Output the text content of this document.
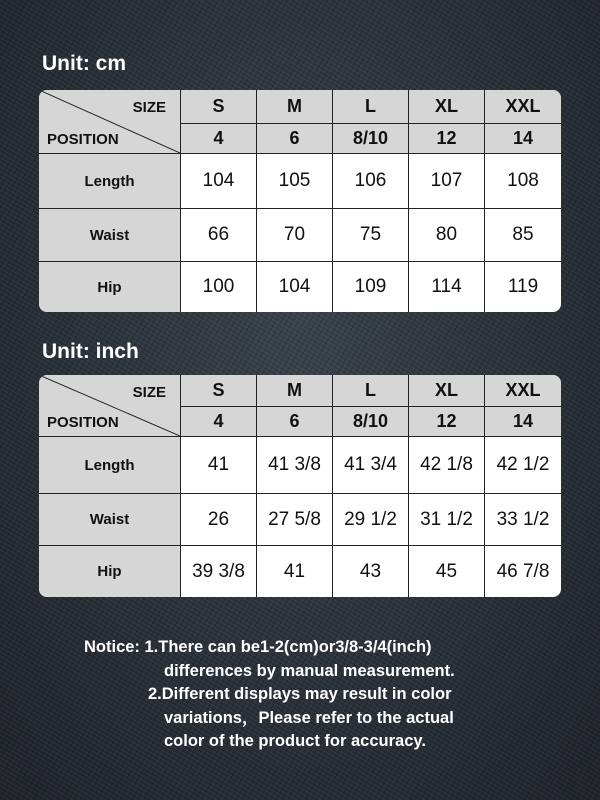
Unit: cm
SIZE
POSITION	S	M	L	XL	XXL
	4	6	8/10	12	14
Length	104	105	106	107	108
Waist	66	70	75	80	85
Hip	100	104	109	114	119
Unit: inch
SIZE
POSITION	S	M	L	XL	XXL
	4	6	8/10	12	14
Length	41	41 3/8	41 3/4	42 1/8	42 1/2
Waist	26	27 5/8	29 1/2	31 1/2	33 1/2
Hip	39 3/8	41	43	45	46 7/8
Notice: 1.There can be1-2(cm)or3/8-3/4(inch)
differences by manual measurement.
2.Different displays may result in color
variations，Please refer to the actual
color of the product for accuracy.
